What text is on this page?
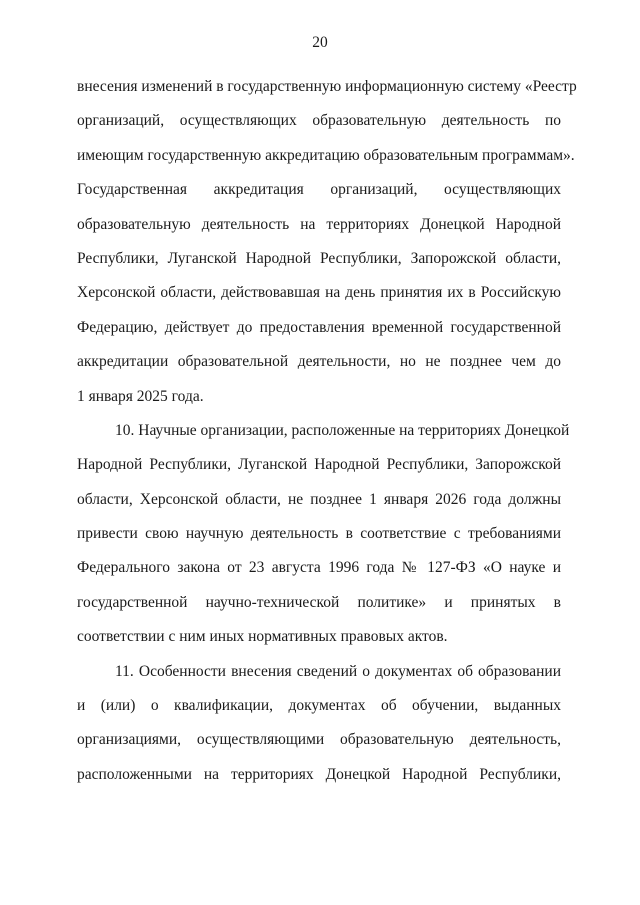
20
внесения изменений в государственную информационную систему «Реестр
организаций, осуществляющих образовательную деятельность по
имеющим государственную аккредитацию образовательным программам».
Государственная аккредитация организаций, осуществляющих
образовательную деятельность на территориях Донецкой Народной
Республики, Луганской Народной Республики, Запорожской области,
Херсонской области, действовавшая на день принятия их в Российскую
Федерацию, действует до предоставления временной государственной
аккредитации образовательной деятельности, но не позднее чем до
1 января 2025 года.
10. Научные организации, расположенные на территориях Донецкой
Народной Республики, Луганской Народной Республики, Запорожской
области, Херсонской области, не позднее 1 января 2026 года должны
привести свою научную деятельность в соответствие с требованиями
Федерального закона от 23 августа 1996 года № 127-ФЗ «О науке и
государственной научно-технической политике» и принятых в
соответствии с ним иных нормативных правовых актов.
11. Особенности внесения сведений о документах об образовании
и (или) о квалификации, документах об обучении, выданных
организациями, осуществляющими образовательную деятельность,
расположенными на территориях Донецкой Народной Республики,
